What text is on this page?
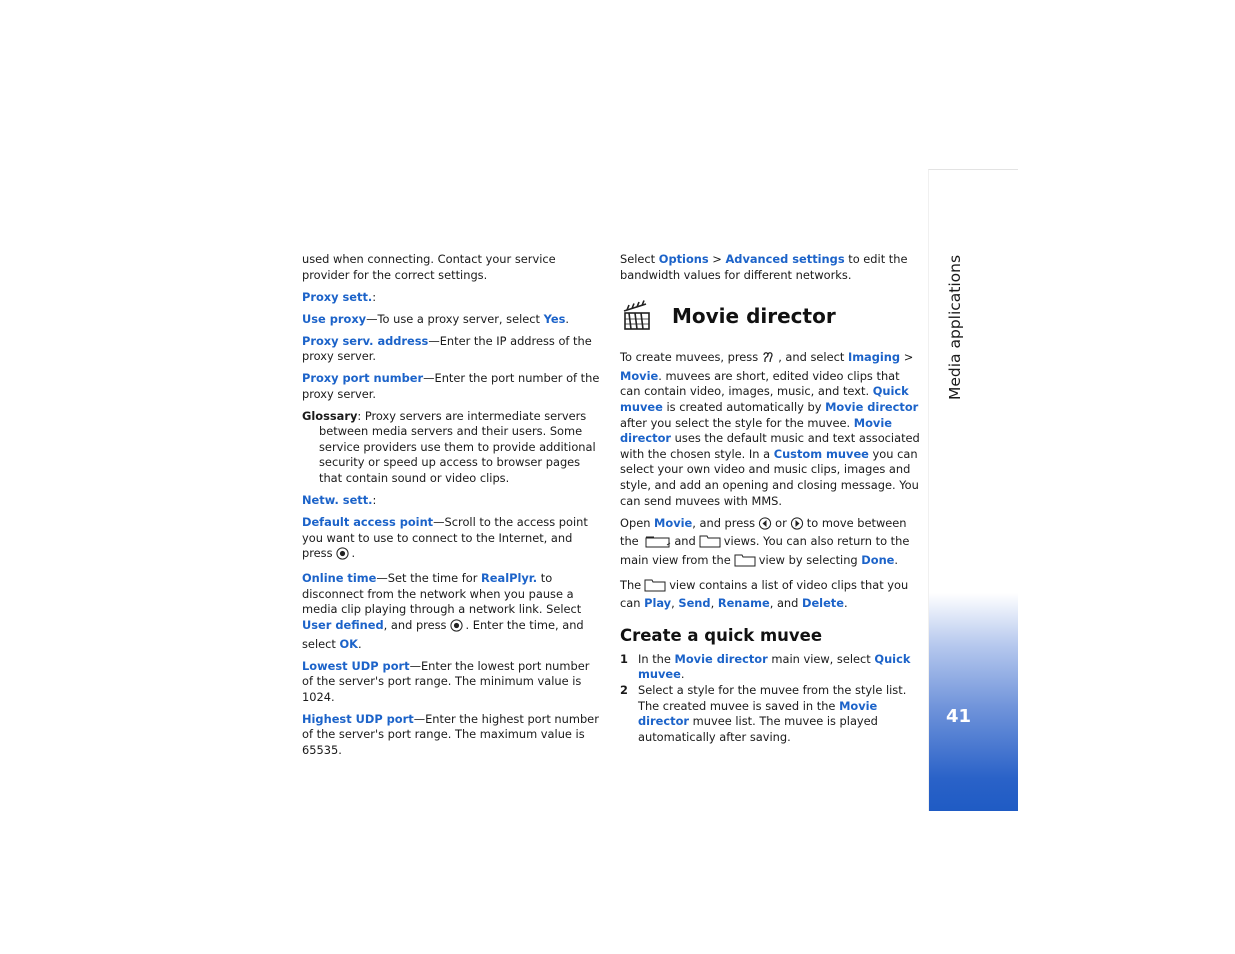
used when connecting. Contact your service provider for the correct settings.

Proxy sett.:

Use proxy—To use a proxy server, select Yes.

Proxy serv. address—Enter the IP address of the proxy server.

Proxy port number—Enter the port number of the proxy server.

Glossary: Proxy servers are intermediate servers between media servers and their users. Some service providers use them to provide additional security or speed up access to browser pages that contain sound or video clips.

Netw. sett.:

Default access point—Scroll to the access point you want to use to connect to the Internet, and press .

Online time—Set the time for RealPlyr. to disconnect from the network when you pause a media clip playing through a network link. Select User defined, and press . Enter the time, and select OK.

Lowest UDP port—Enter the lowest port number of the server's port range. The minimum value is 1024.

Highest UDP port—Enter the highest port number of the server's port range. The maximum value is 65535.

Select Options > Advanced settings to edit the bandwidth values for different networks.

Movie director

To create muvees, press , and select Imaging > Movie. muvees are short, edited video clips that can contain video, images, music, and text. Quick muvee is created automatically by Movie director after you select the style for the muvee. Movie director uses the default music and text associated with the chosen style. In a Custom muvee you can select your own video and music clips, images and style, and add an opening and closing message. You can send muvees with MMS.

Open Movie, and press or to move between the	and views. You can also return to the main view from the view by selecting Done.

The view contains a list of video clips that you can Play, Send, Rename, and Delete.

Create a quick muvee
1 In the Movie director main view, select Quick muvee.
2 Select a style for the muvee from the style list. The created muvee is saved in the Movie director muvee list. The muvee is played automatically after saving.
Media applications
41
